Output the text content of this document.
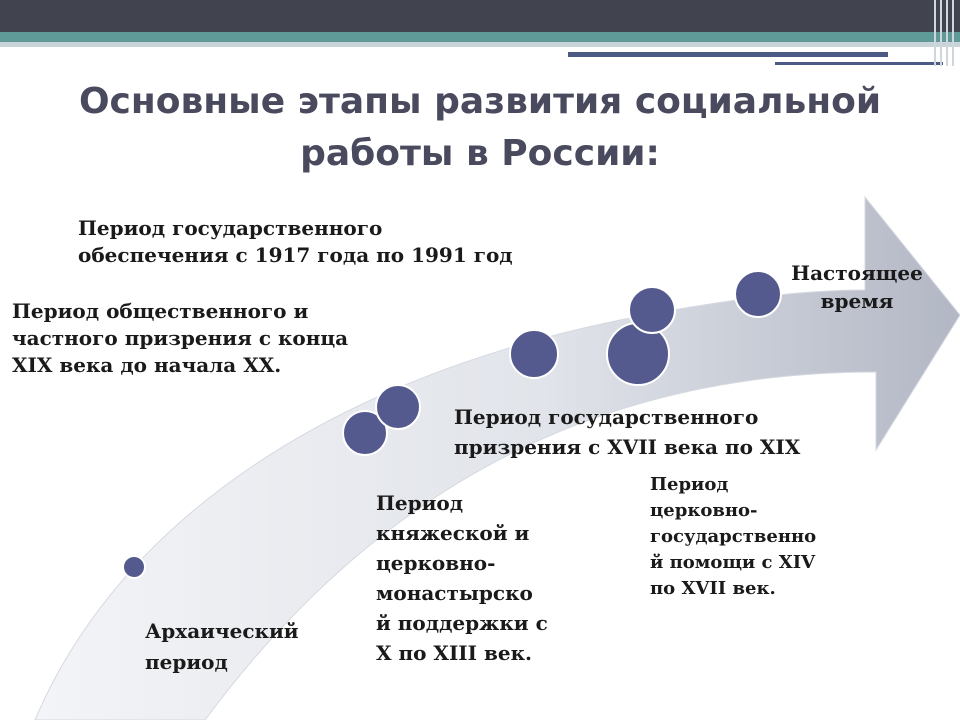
Основные этапы развития социальной
работы в России:
Период государственного
обеспечения с 1917 года по 1991 год
Период общественного и
частного призрения с конца
XIX века до начала XX.
Настоящее
время
Период государственного
призрения с XVII века по XIX
Период
церковно-
государственно
й помощи с XIV
по XVII век.
Период
княжеской и
церковно-
монастырско
й поддержки с
X по XIII век.
Архаический
период
